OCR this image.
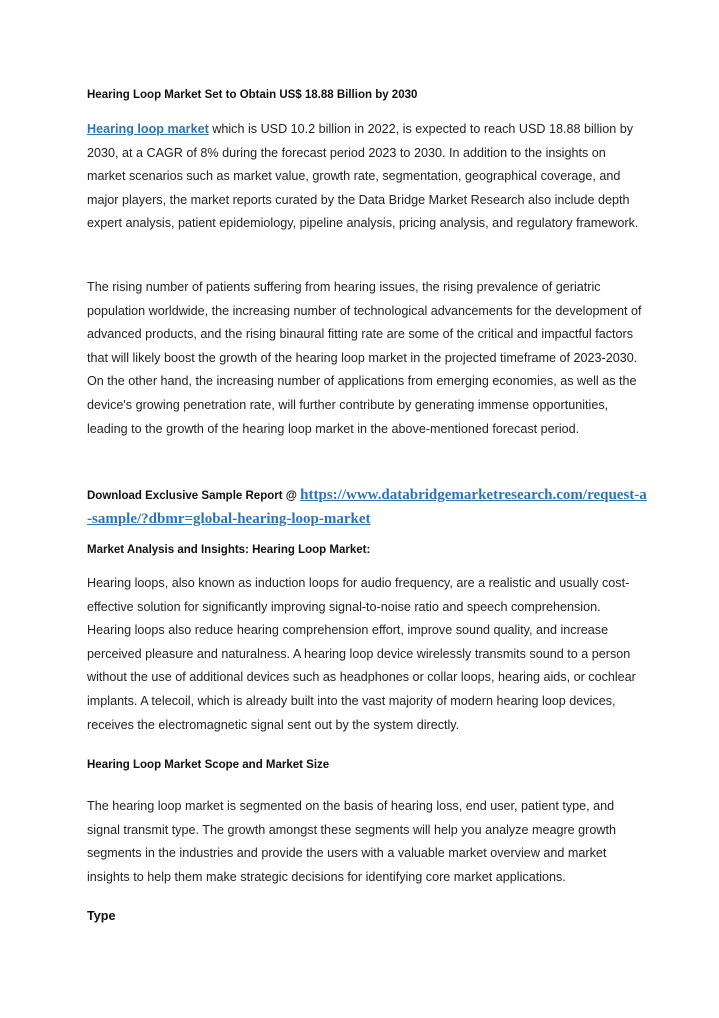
Hearing Loop Market Set to Obtain US$ 18.88 Billion by 2030

Hearing loop market which is USD 10.2 billion in 2022, is expected to reach USD 18.88 billion by 2030, at a CAGR of 8% during the forecast period 2023 to 2030. In addition to the insights on market scenarios such as market value, growth rate, segmentation, geographical coverage, and major players, the market reports curated by the Data Bridge Market Research also include depth expert analysis, patient epidemiology, pipeline analysis, pricing analysis, and regulatory framework.

The rising number of patients suffering from hearing issues, the rising prevalence of geriatric population worldwide, the increasing number of technological advancements for the development of advanced products, and the rising binaural fitting rate are some of the critical and impactful factors that will likely boost the growth of the hearing loop market in the projected timeframe of 2023-2030. On the other hand, the increasing number of applications from emerging economies, as well as the device's growing penetration rate, will further contribute by generating immense opportunities, leading to the growth of the hearing loop market in the above-mentioned forecast period.

Download Exclusive Sample Report @ https://www.databridgemarketresearch.com/request-a-sample/?dbmr=global-hearing-loop-market

Market Analysis and Insights: Hearing Loop Market:

Hearing loops, also known as induction loops for audio frequency, are a realistic and usually cost-effective solution for significantly improving signal-to-noise ratio and speech comprehension. Hearing loops also reduce hearing comprehension effort, improve sound quality, and increase perceived pleasure and naturalness. A hearing loop device wirelessly transmits sound to a person without the use of additional devices such as headphones or collar loops, hearing aids, or cochlear implants. A telecoil, which is already built into the vast majority of modern hearing loop devices, receives the electromagnetic signal sent out by the system directly.

Hearing Loop Market Scope and Market Size

The hearing loop market is segmented on the basis of hearing loss, end user, patient type, and signal transmit type. The growth amongst these segments will help you analyze meagre growth segments in the industries and provide the users with a valuable market overview and market insights to help them make strategic decisions for identifying core market applications.

Type
